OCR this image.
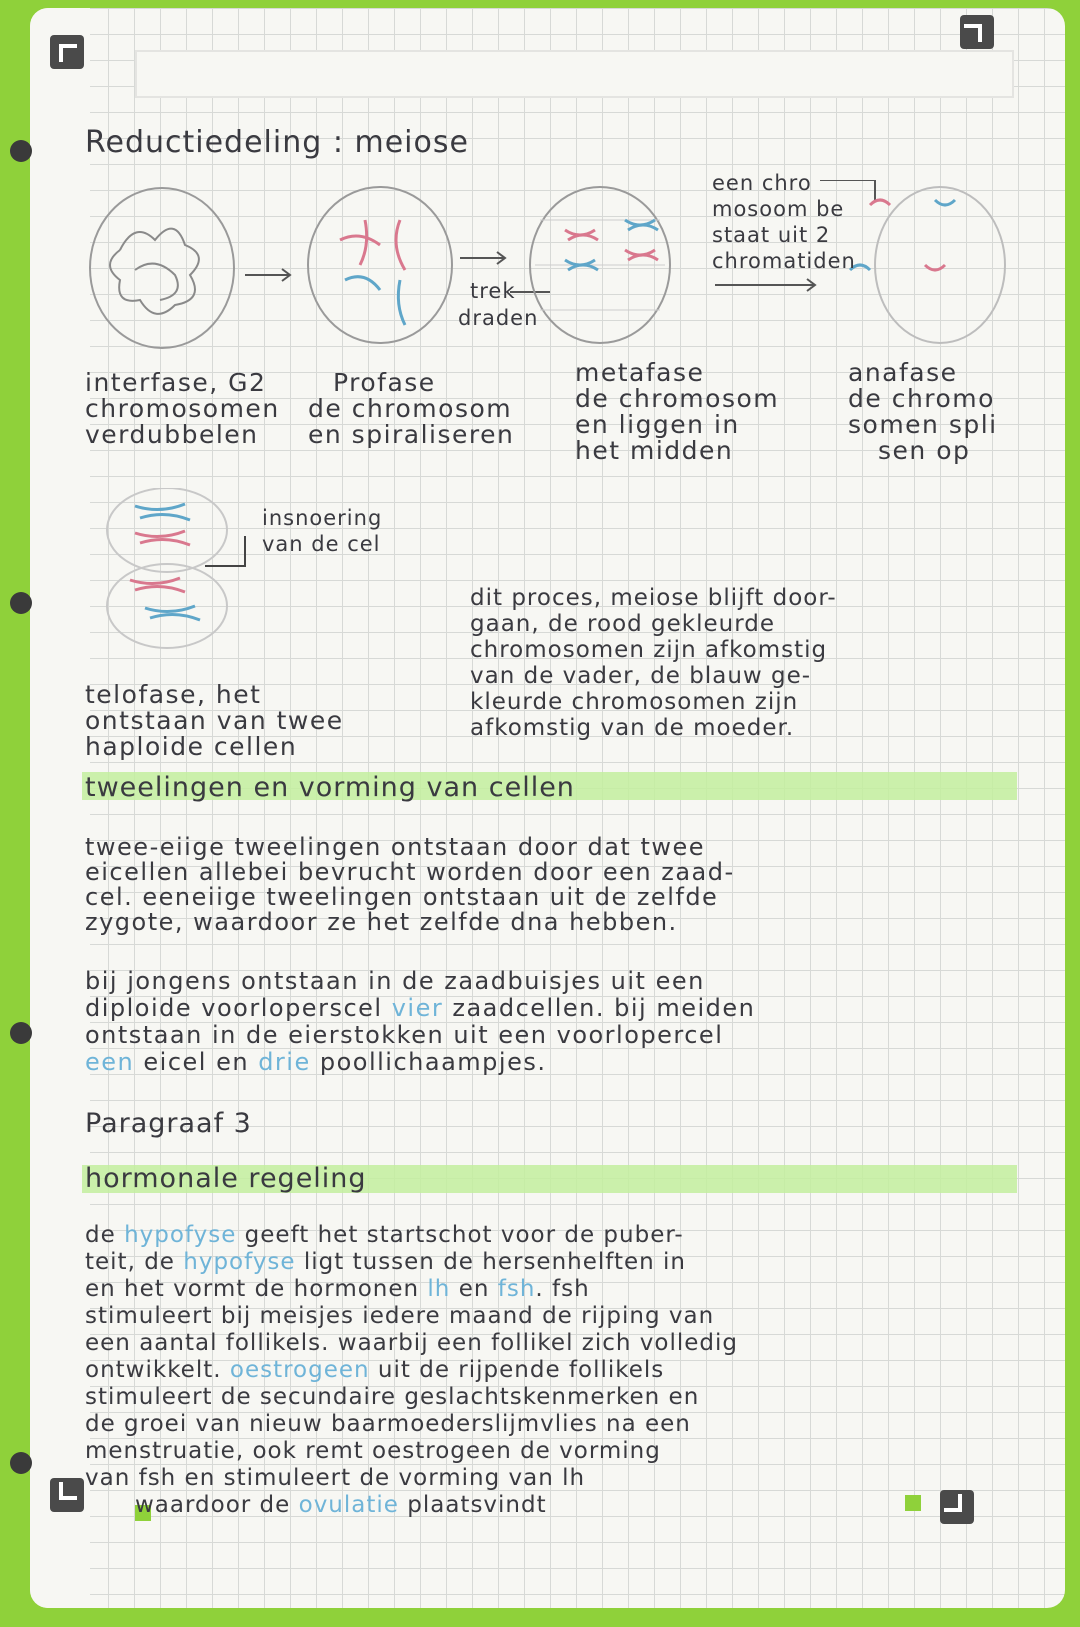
Reductiedeling : meiose
trek
draden
een chro
mosoom be
staat uit 2
chromatiden
interfase, G2
chromosomen
verdubbelen
Profase
de chromosom
en spiraliseren
metafase
de chromosom
en liggen in
het midden
anafase
de chromo
somen spli
sen op
insnoering
van de cel
telofase, het
ontstaan van twee
haploide cellen
dit proces, meiose blijft door-
gaan, de rood gekleurde
chromosomen zijn afkomstig
van de vader, de blauw ge-
kleurde chromosomen zijn
afkomstig van de moeder.
tweelingen en vorming van cellen
twee-eiige tweelingen ontstaan door dat twee
eicellen allebei bevrucht worden door een zaad-
cel. eeneiige tweelingen ontstaan uit de zelfde
zygote, waardoor ze het zelfde dna hebben.
bij jongens ontstaan in de zaadbuisjes uit een
diploide voorloperscel vier zaadcellen. bij meiden
ontstaan in de eierstokken uit een voorlopercel
een eicel en drie poollichaampjes.
Paragraaf 3
hormonale regeling
de hypofyse geeft het startschot voor de puber-
teit, de hypofyse ligt tussen de hersenhelften in
en het vormt de hormonen lh en fsh. fsh
stimuleert bij meisjes iedere maand de rijping van
een aantal follikels. waarbij een follikel zich volledig
ontwikkelt. oestrogeen uit de rijpende follikels
stimuleert de secundaire geslachtskenmerken en
de groei van nieuw baarmoederslijmvlies na een
menstruatie, ook remt oestrogeen de vorming
van fsh en stimuleert de vorming van lh
waardoor de ovulatie plaatsvindt
